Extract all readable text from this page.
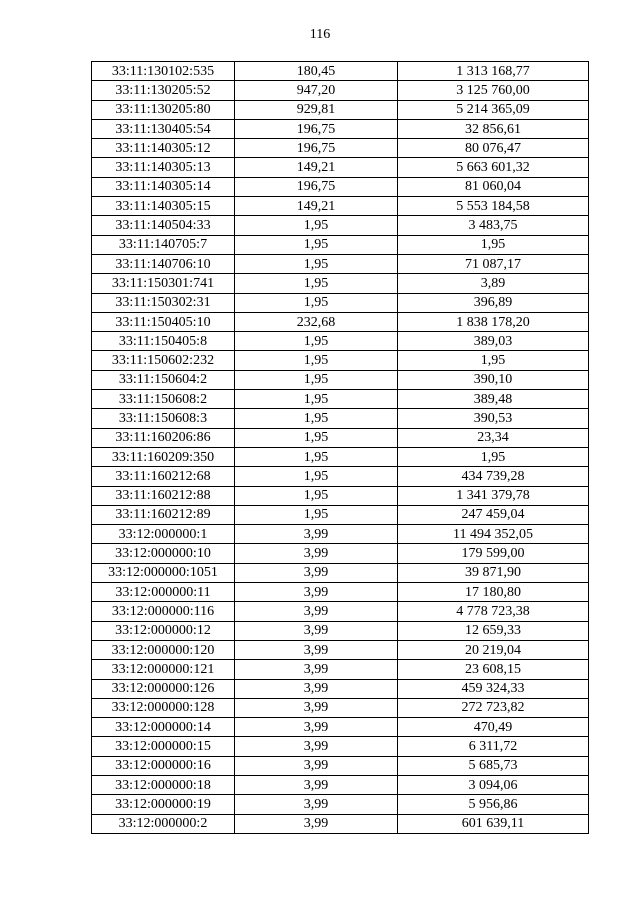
116
33:11:130102:535	180,45	1 313 168,77
33:11:130205:52	947,20	3 125 760,00
33:11:130205:80	929,81	5 214 365,09
33:11:130405:54	196,75	32 856,61
33:11:140305:12	196,75	80 076,47
33:11:140305:13	149,21	5 663 601,32
33:11:140305:14	196,75	81 060,04
33:11:140305:15	149,21	5 553 184,58
33:11:140504:33	1,95	3 483,75
33:11:140705:7	1,95	1,95
33:11:140706:10	1,95	71 087,17
33:11:150301:741	1,95	3,89
33:11:150302:31	1,95	396,89
33:11:150405:10	232,68	1 838 178,20
33:11:150405:8	1,95	389,03
33:11:150602:232	1,95	1,95
33:11:150604:2	1,95	390,10
33:11:150608:2	1,95	389,48
33:11:150608:3	1,95	390,53
33:11:160206:86	1,95	23,34
33:11:160209:350	1,95	1,95
33:11:160212:68	1,95	434 739,28
33:11:160212:88	1,95	1 341 379,78
33:11:160212:89	1,95	247 459,04
33:12:000000:1	3,99	11 494 352,05
33:12:000000:10	3,99	179 599,00
33:12:000000:1051	3,99	39 871,90
33:12:000000:11	3,99	17 180,80
33:12:000000:116	3,99	4 778 723,38
33:12:000000:12	3,99	12 659,33
33:12:000000:120	3,99	20 219,04
33:12:000000:121	3,99	23 608,15
33:12:000000:126	3,99	459 324,33
33:12:000000:128	3,99	272 723,82
33:12:000000:14	3,99	470,49
33:12:000000:15	3,99	6 311,72
33:12:000000:16	3,99	5 685,73
33:12:000000:18	3,99	3 094,06
33:12:000000:19	3,99	5 956,86
33:12:000000:2	3,99	601 639,11
